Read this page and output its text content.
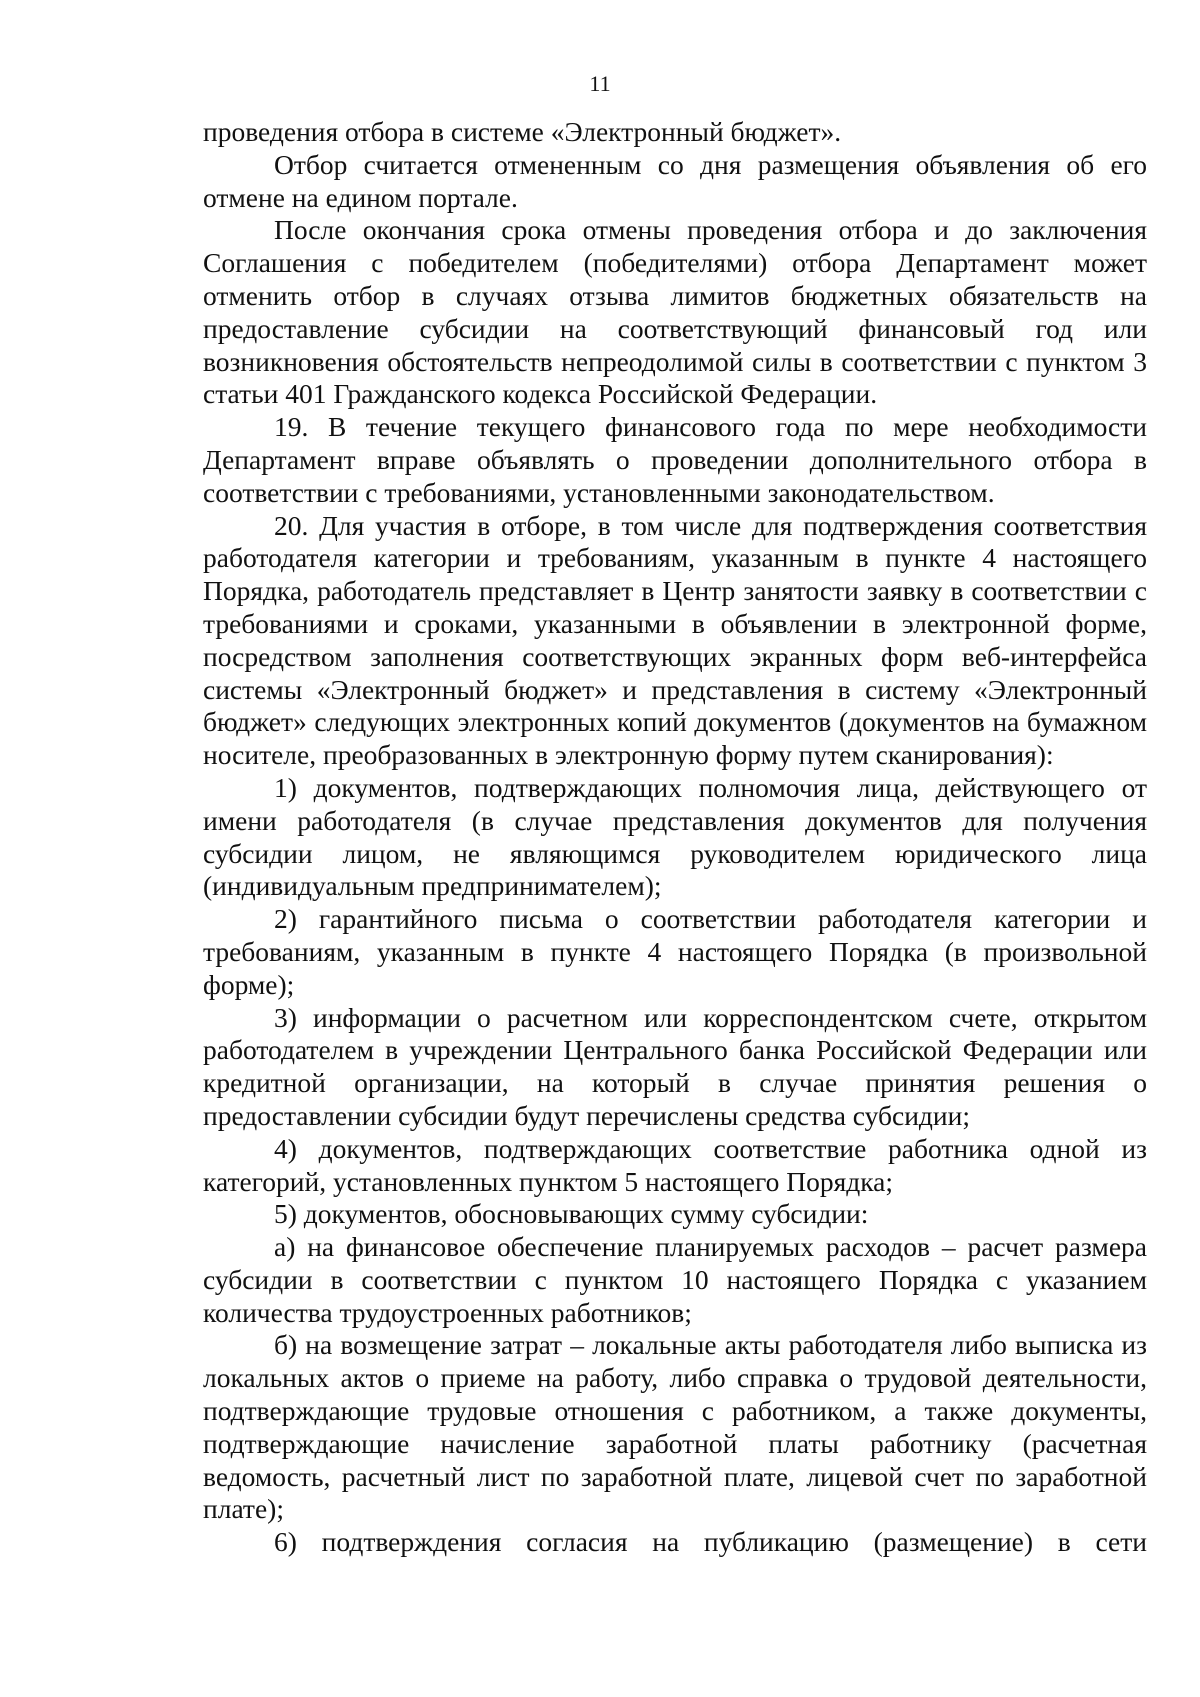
11

проведения отбора в системе «Электронный бюджет».

Отбор считается отмененным со дня размещения объявления об его отмене на едином портале.

После окончания срока отмены проведения отбора и до заключения Соглашения с победителем (победителями) отбора Департамент может отменить отбор в случаях отзыва лимитов бюджетных обязательств на предоставление субсидии на соответствующий финансовый год или возникновения обстоятельств непреодолимой силы в соответствии с пунктом 3 статьи 401 Гражданского кодекса Российской Федерации.

19. В течение текущего финансового года по мере необходимости Департамент вправе объявлять о проведении дополнительного отбора в соответствии с требованиями, установленными законодательством.

20. Для участия в отборе, в том числе для подтверждения соответствия работодателя категории и требованиям, указанным в пункте 4 настоящего Порядка, работодатель представляет в Центр занятости заявку в соответствии с требованиями и сроками, указанными в объявлении в электронной форме, посредством заполнения соответствующих экранных форм веб-интерфейса системы «Электронный бюджет» и представления в систему «Электронный бюджет» следующих электронных копий документов (документов на бумажном носителе, преобразованных в электронную форму путем сканирования):

1) документов, подтверждающих полномочия лица, действующего от имени работодателя (в случае представления документов для получения субсидии лицом, не являющимся руководителем юридического лица (индивидуальным предпринимателем);

2) гарантийного письма о соответствии работодателя категории и требованиям, указанным в пункте 4 настоящего Порядка (в произвольной форме);

3) информации о расчетном или корреспондентском счете, открытом работодателем в учреждении Центрального банка Российской Федерации или кредитной организации, на который в случае принятия решения о предоставлении субсидии будут перечислены средства субсидии;

4) документов, подтверждающих соответствие работника одной из категорий, установленных пунктом 5 настоящего Порядка;

5) документов, обосновывающих сумму субсидии:

а) на финансовое обеспечение планируемых расходов – расчет размера субсидии в соответствии с пунктом 10 настоящего Порядка с указанием количества трудоустроенных работников;

б) на возмещение затрат – локальные акты работодателя либо выписка из локальных актов о приеме на работу, либо справка о трудовой деятельности, подтверждающие трудовые отношения с работником, а также документы, подтверждающие начисление заработной платы работнику (расчетная ведомость, расчетный лист по заработной плате, лицевой счет по заработной плате);

6) подтверждения согласия на публикацию (размещение) в сети
